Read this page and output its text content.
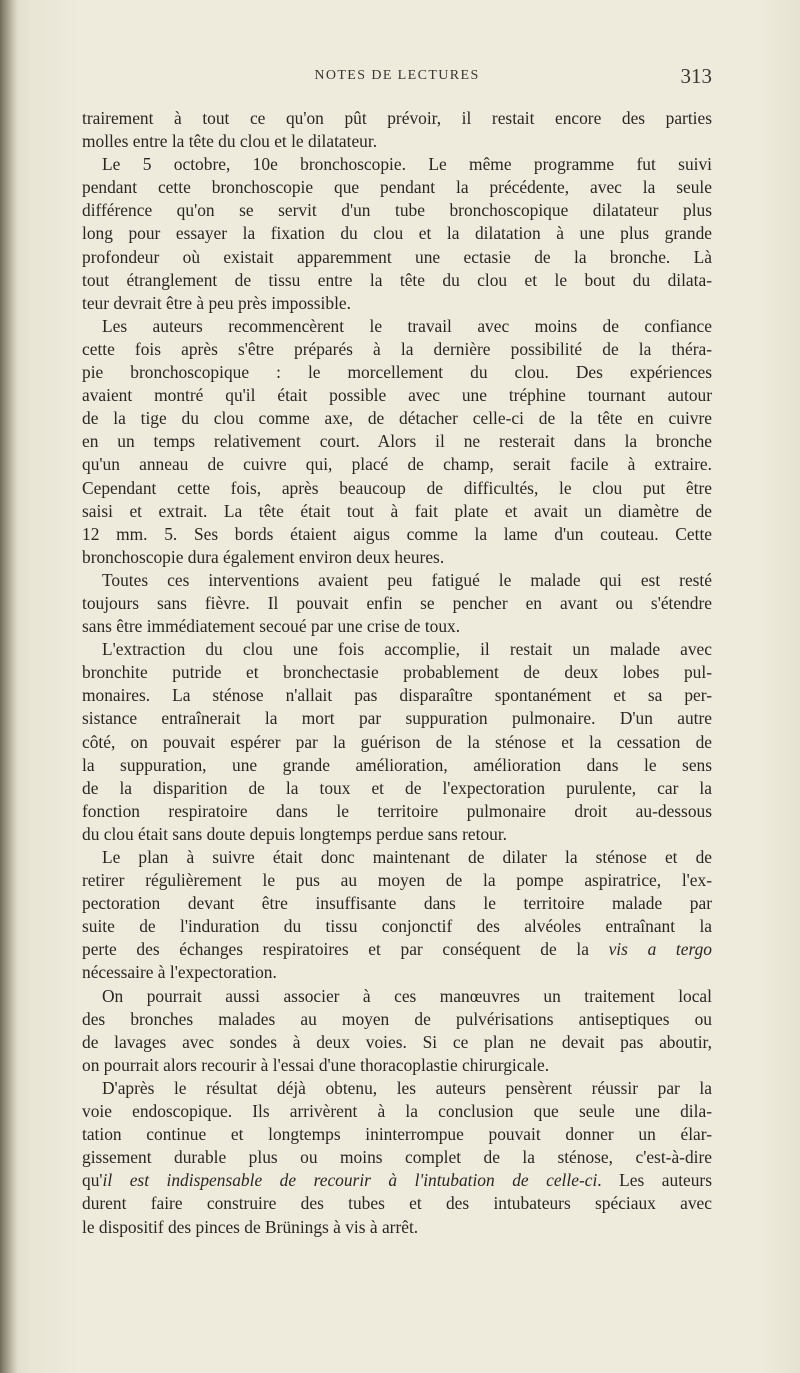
NOTES DE LECTURES	313
trairement à tout ce qu'on pût prévoir, il restait encore des parties
molles entre la tête du clou et le dilatateur.
Le 5 octobre, 10e bronchoscopie. Le même programme fut suivi
pendant cette bronchoscopie que pendant la précédente, avec la seule
différence qu'on se servit d'un tube bronchoscopique dilatateur plus
long pour essayer la fixation du clou et la dilatation à une plus grande
profondeur où existait apparemment une ectasie de la bronche. Là
tout étranglement de tissu entre la tête du clou et le bout du dilata-
teur devrait être à peu près impossible.
Les auteurs recommencèrent le travail avec moins de confiance
cette fois après s'être préparés à la dernière possibilité de la théra-
pie bronchoscopique : le morcellement du clou. Des expériences
avaient montré qu'il était possible avec une tréphine tournant autour
de la tige du clou comme axe, de détacher celle-ci de la tête en cuivre
en un temps relativement court. Alors il ne resterait dans la bronche
qu'un anneau de cuivre qui, placé de champ, serait facile à extraire.
Cependant cette fois, après beaucoup de difficultés, le clou put être
saisi et extrait. La tête était tout à fait plate et avait un diamètre de
12 mm. 5. Ses bords étaient aigus comme la lame d'un couteau. Cette
bronchoscopie dura également environ deux heures.
Toutes ces interventions avaient peu fatigué le malade qui est resté
toujours sans fièvre. Il pouvait enfin se pencher en avant ou s'étendre
sans être immédiatement secoué par une crise de toux.
L'extraction du clou une fois accomplie, il restait un malade avec
bronchite putride et bronchectasie probablement de deux lobes pul-
monaires. La sténose n'allait pas disparaître spontanément et sa per-
sistance entraînerait la mort par suppuration pulmonaire. D'un autre
côté, on pouvait espérer par la guérison de la sténose et la cessation de
la suppuration, une grande amélioration, amélioration dans le sens
de la disparition de la toux et de l'expectoration purulente, car la
fonction respiratoire dans le territoire pulmonaire droit au-dessous
du clou était sans doute depuis longtemps perdue sans retour.
Le plan à suivre était donc maintenant de dilater la sténose et de
retirer régulièrement le pus au moyen de la pompe aspiratrice, l'ex-
pectoration devant être insuffisante dans le territoire malade par
suite de l'induration du tissu conjonctif des alvéoles entraînant la
perte des échanges respiratoires et par conséquent de la vis a tergo
nécessaire à l'expectoration.
On pourrait aussi associer à ces manœuvres un traitement local
des bronches malades au moyen de pulvérisations antiseptiques ou
de lavages avec sondes à deux voies. Si ce plan ne devait pas aboutir,
on pourrait alors recourir à l'essai d'une thoracoplastie chirurgicale.
D'après le résultat déjà obtenu, les auteurs pensèrent réussir par la
voie endoscopique. Ils arrivèrent à la conclusion que seule une dila-
tation continue et longtemps ininterrompue pouvait donner un élar-
gissement durable plus ou moins complet de la sténose, c'est-à-dire
qu'il est indispensable de recourir à l'intubation de celle-ci. Les auteurs
durent faire construire des tubes et des intubateurs spéciaux avec
le dispositif des pinces de Brünings à vis à arrêt.
